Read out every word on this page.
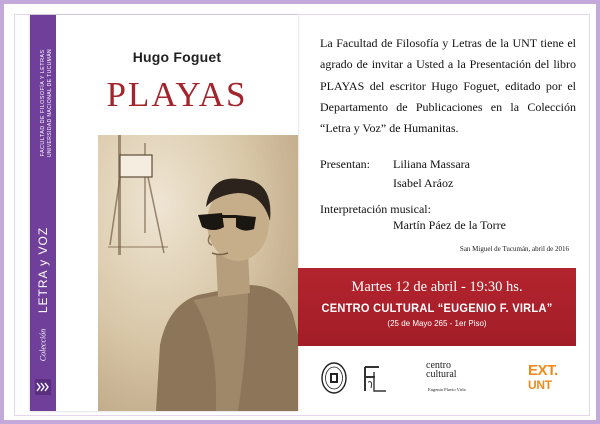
FACULTAD DE FILOSOFÍA Y LETRAS UNIVERSIDAD NACIONAL DE TUCUMÁN
LETRA y VOZ
Colección
Hugo Foguet
PLAYAS

La Facultad de Filosofía y Letras de la UNT tiene el agrado de invitar a Usted a la Presentación del libro PLAYAS del escritor Hugo Foguet, editado por el Departamento de Publicaciones en la Colección “Letra y Voz” de Humanitas.

Presentan: Liliana Massara
Isabel Aráoz
Interpretación musical:
Martín Páez de la Torre
San Miguel de Tucumán, abril de 2016
Martes 12 de abril - 19:30 hs.
CENTRO CULTURAL “EUGENIO F. VIRLA”
(25 de Mayo 265 - 1er Piso)
centro
cultural
Eugenio Flavio Virla
EXT.
UNT
